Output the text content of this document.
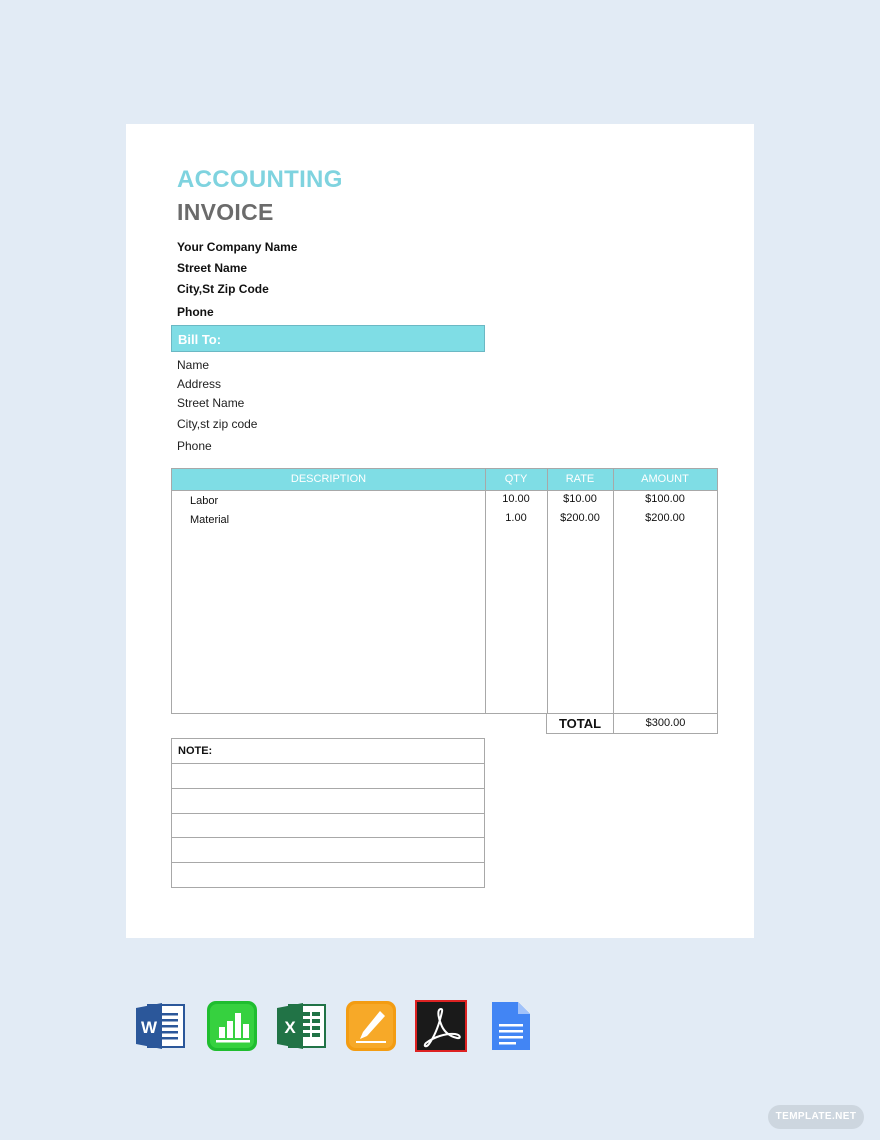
ACCOUNTING
INVOICE
Your Company Name
Street Name
City,St Zip Code
Phone
Bill To:
Name
Address
Street Name
City,st zip code
Phone
DESCRIPTION	QTY	RATE	AMOUNT
Labor	10.00	$10.00	$100.00
Material	1.00	$200.00	$200.00
TOTAL	$300.00
NOTE:
W	X
TEMPLATE.NET
